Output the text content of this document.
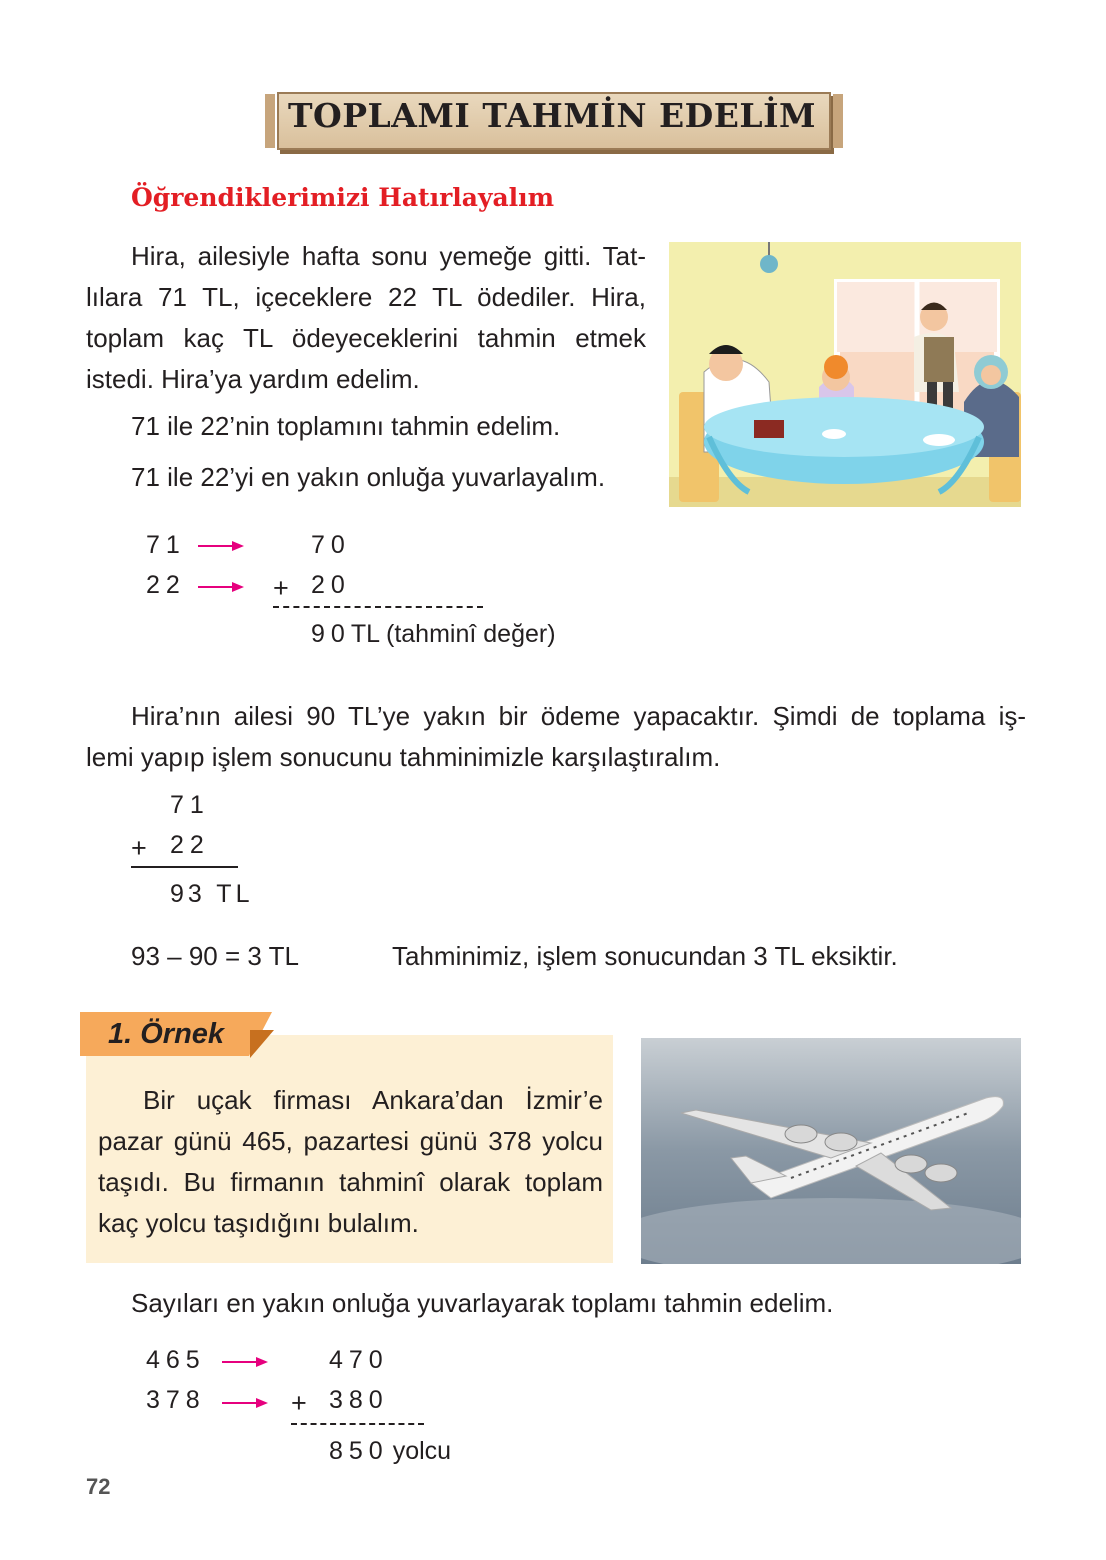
TOPLAMI TAHMİN EDELİM
Öğrendiklerimizi Hatırlayalım
Hira, ailesiyle hafta sonu yemeğe gitti. Tat-
lılara 71 TL, içeceklere 22 TL ödediler. Hira,
toplam kaç TL ödeyeceklerini tahmin etmek
istedi. Hira’ya yardım edelim.
71 ile 22’nin toplamını tahmin edelim.
71 ile 22’yi en yakın onluğa yuvarlayalım.
71	70
22	+ 20
90TL (tahminî değer)
Hira’nın ailesi 90 TL’ye yakın bir ödeme yapacaktır. Şimdi de toplama iş-
lemi yapıp işlem sonucunu tahminimizle karşılaştıralım.
71
+ 22
93 TL
93 – 90 = 3 TL	Tahminimiz, işlem sonucundan 3 TL eksiktir.
1. Örnek
Bir uçak firması Ankara’dan İzmir’e
pazar günü 465, pazartesi günü 378 yolcu
taşıdı. Bu firmanın tahminî olarak toplam
kaç yolcu taşıdığını bulalım.
Sayıları en yakın onluğa yuvarlayarak toplamı tahmin edelim.
465	470
378	+ 380
850 yolcu
72
